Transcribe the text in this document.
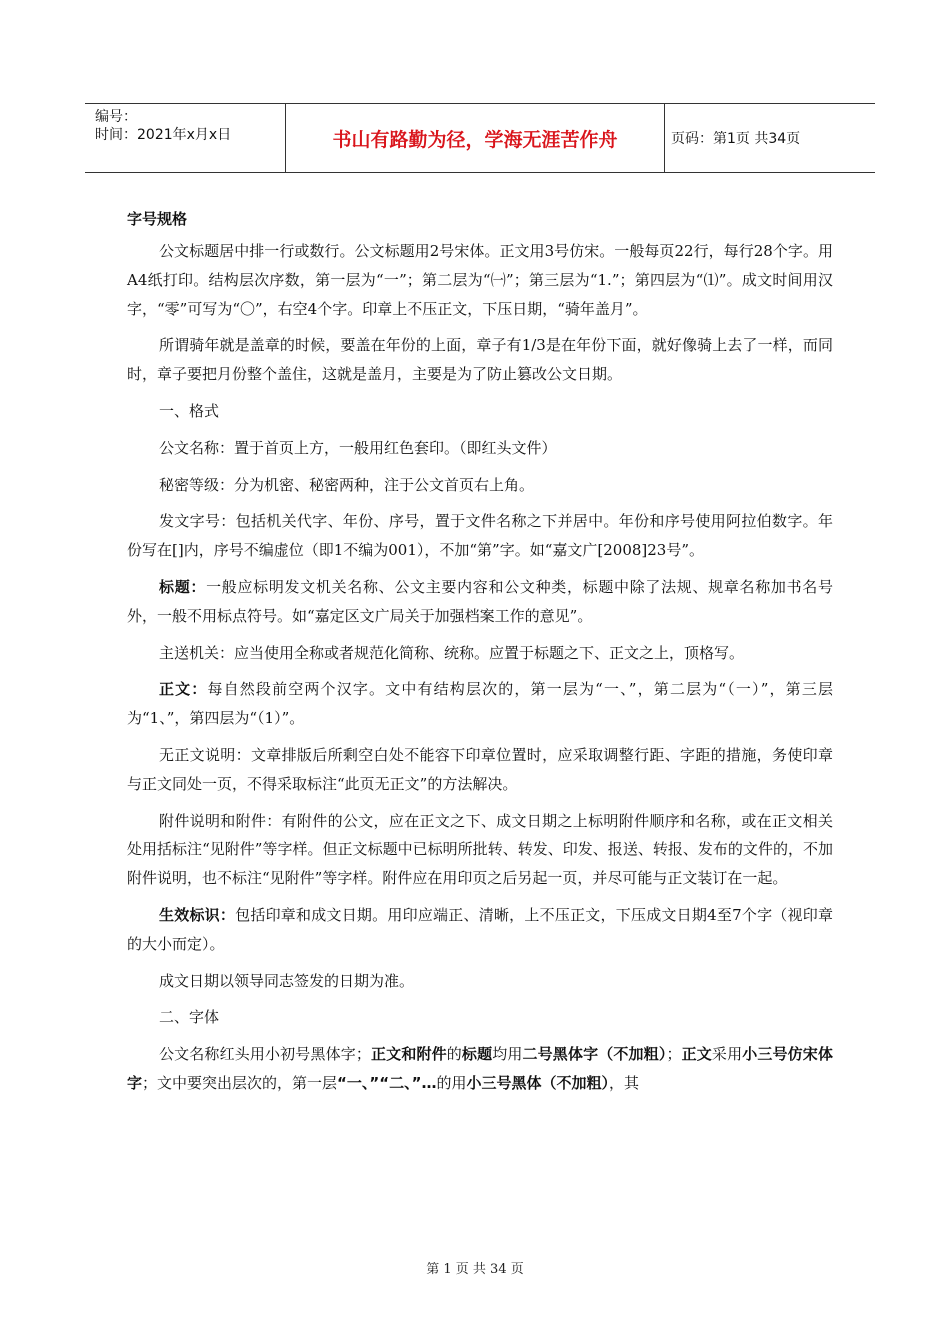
编号：
时间：2021年x月x日	书山有路勤为径，学海无涯苦作舟	页码：第1页 共34页

字号规格

公文标题居中排一行或数行。公文标题用2号宋体。正文用3号仿宋。一般每页22行，每行28个字。用A4纸打印。结构层次序数，第一层为“一”；第二层为“㈠”；第三层为“1.”；第四层为“⑴”。成文时间用汉字，“零”可写为“〇”，右空4个字。印章上不压正文，下压日期，“骑年盖月”。

所谓骑年就是盖章的时候，要盖在年份的上面，章子有1/3是在年份下面，就好像骑上去了一样，而同时，章子要把月份整个盖住，这就是盖月，主要是为了防止篡改公文日期。

一、格式

公文名称：置于首页上方，一般用红色套印。（即红头文件）

秘密等级：分为机密、秘密两种，注于公文首页右上角。

发文字号：包括机关代字、年份、序号，置于文件名称之下并居中。年份和序号使用阿拉伯数字。年份写在[]内，序号不编虚位（即1不编为001），不加“第”字。如“嘉文广[2008]23号”。

标题：一般应标明发文机关名称、公文主要内容和公文种类，标题中除了法规、规章名称加书名号外，一般不用标点符号。如“嘉定区文广局关于加强档案工作的意见”。

主送机关：应当使用全称或者规范化简称、统称。应置于标题之下、正文之上，顶格写。

正文：每自然段前空两个汉字。文中有结构层次的，第一层为“一、”，第二层为“（一）”，第三层为“1、”，第四层为“（1）”。

无正文说明：文章排版后所剩空白处不能容下印章位置时，应采取调整行距、字距的措施，务使印章与正文同处一页，不得采取标注“此页无正文”的方法解决。

附件说明和附件：有附件的公文，应在正文之下、成文日期之上标明附件顺序和名称，或在正文相关处用括标注“见附件”等字样。但正文标题中已标明所批转、转发、印发、报送、转报、发布的文件的，不加附件说明，也不标注“见附件”等字样。附件应在用印页之后另起一页，并尽可能与正文装订在一起。

生效标识：包括印章和成文日期。用印应端正、清晰，上不压正文，下压成文日期4至7个字（视印章的大小而定）。

成文日期以领导同志签发的日期为准。

二、字体

公文名称红头用小初号黑体字；正文和附件的标题均用二号黑体字（不加粗）；正文采用小三号仿宋体字；文中要突出层次的，第一层“一、”“二、”…的用小三号黑体（不加粗），其

第 1 页 共 34 页
